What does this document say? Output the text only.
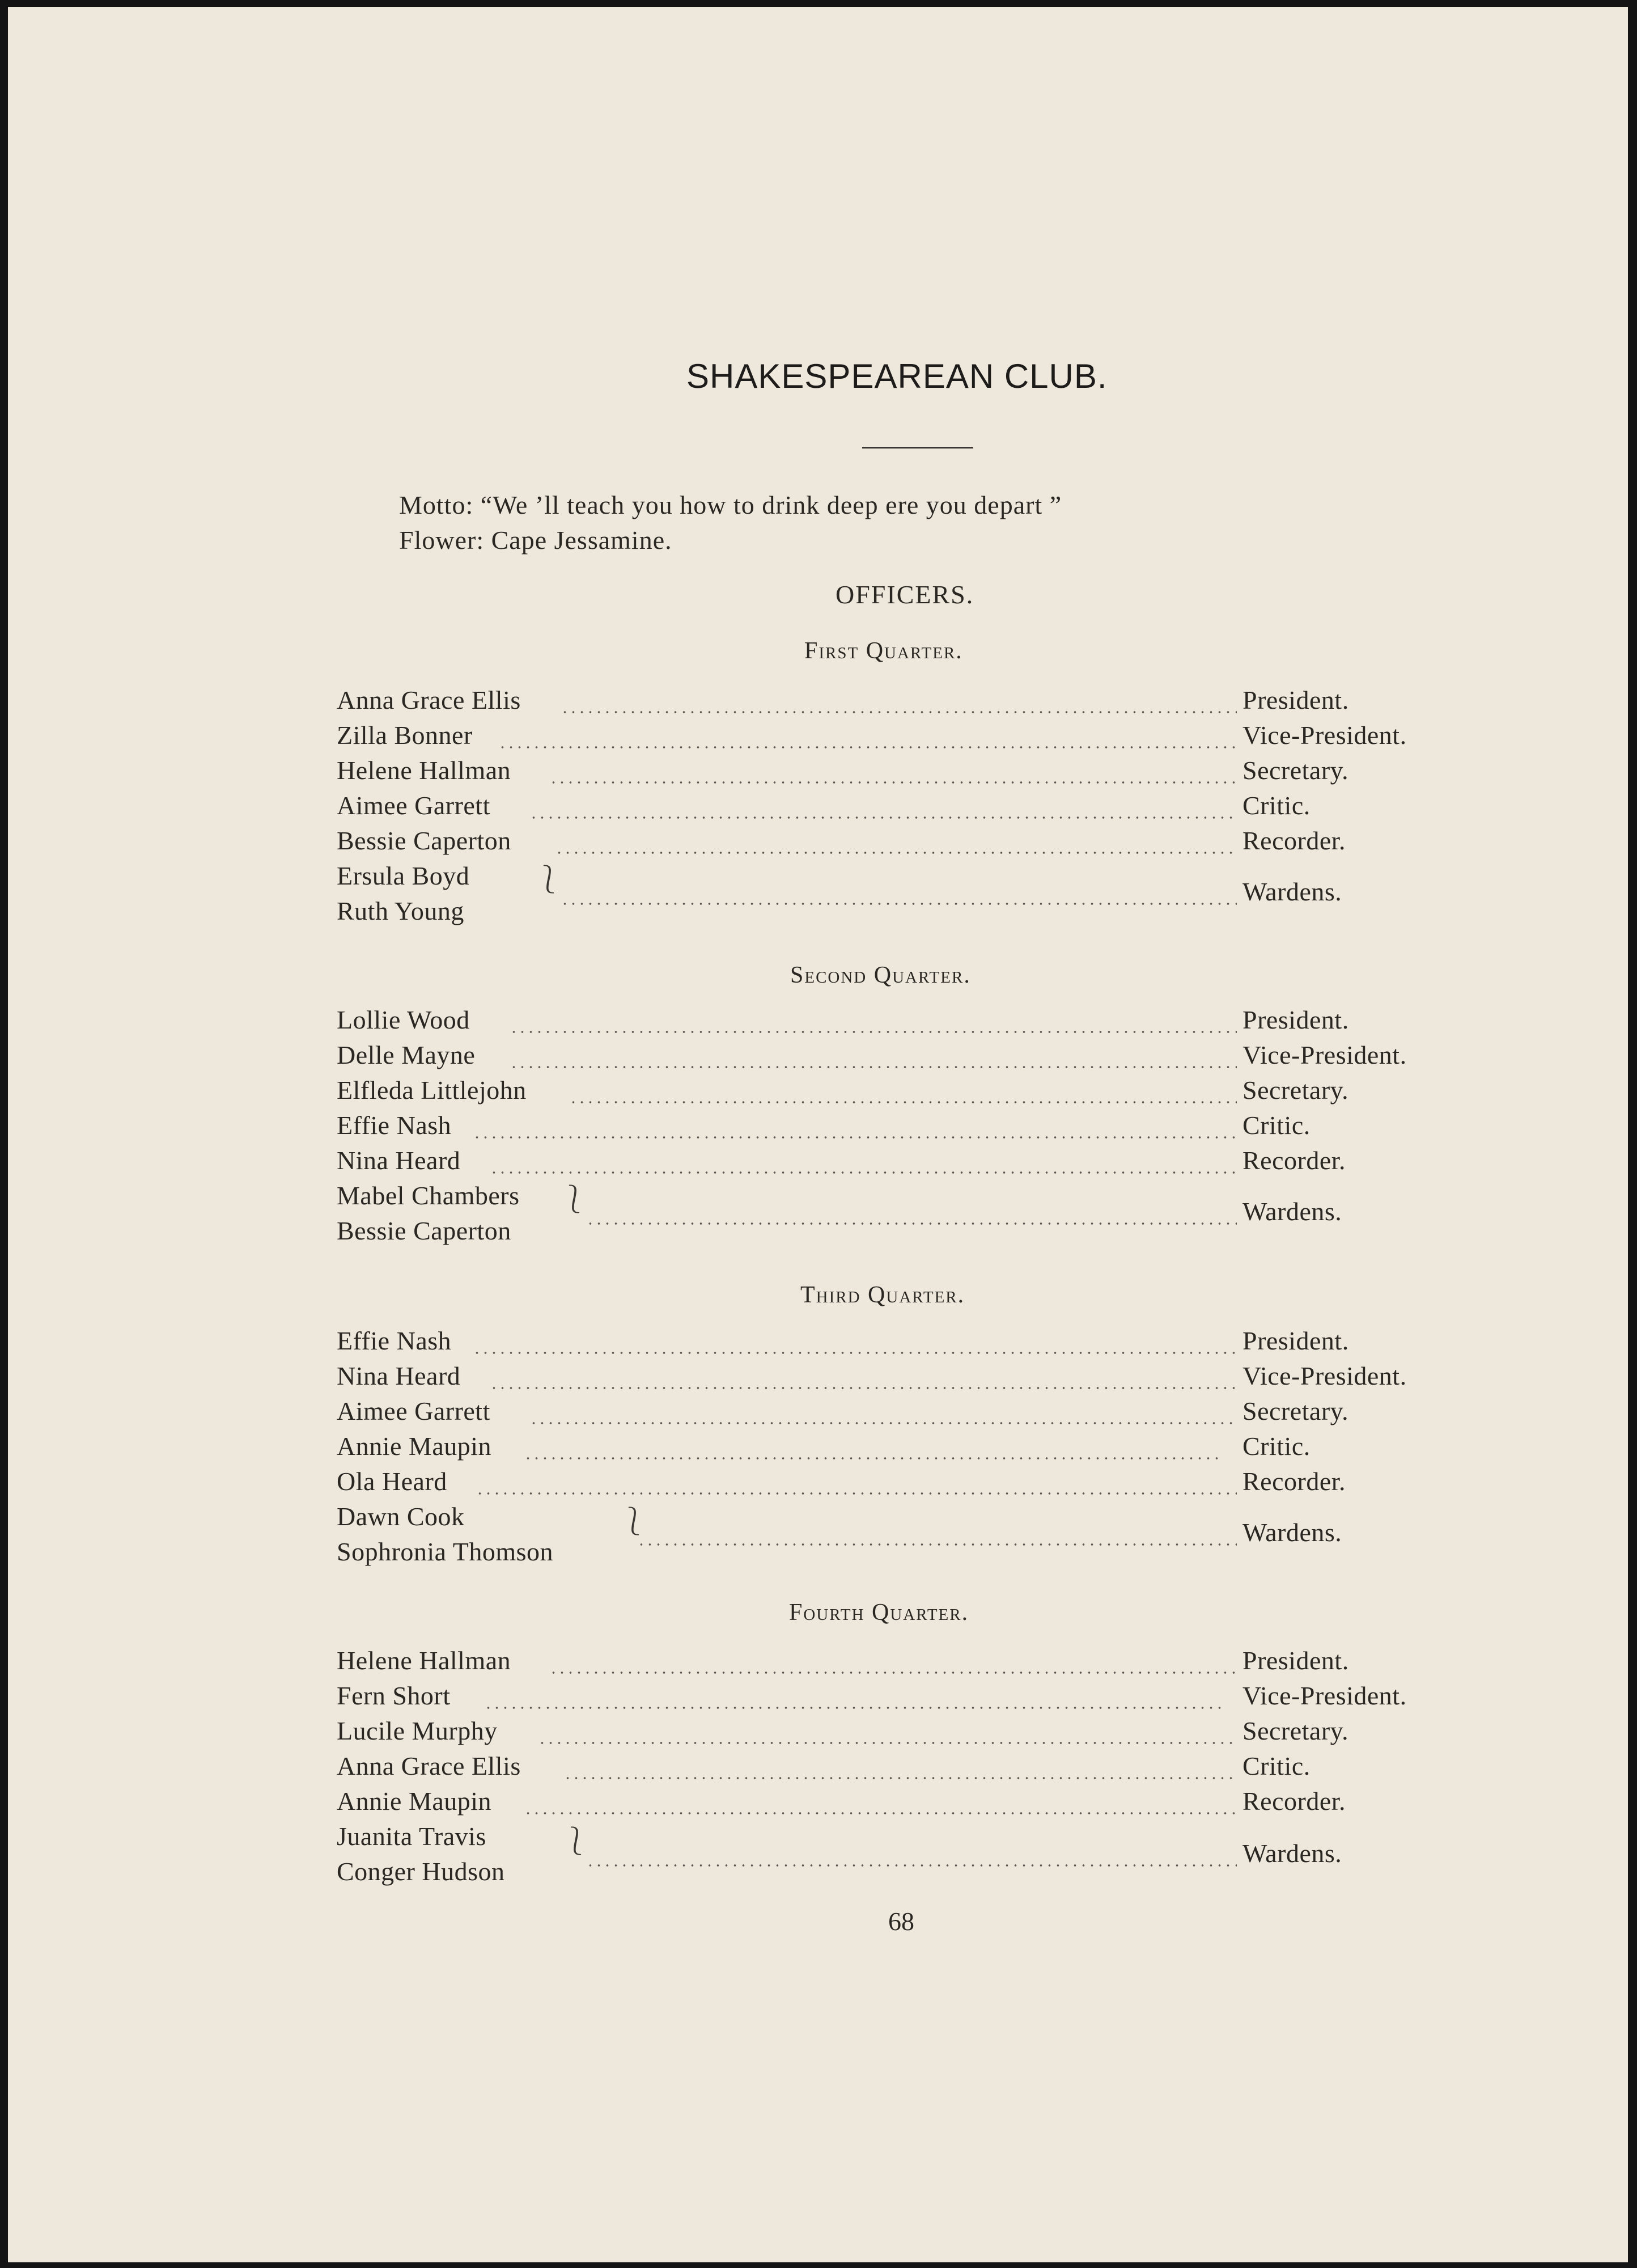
SHAKESPEAREAN CLUB.
Motto: “We ’ll teach you how to drink deep ere you depart ”
Flower: Cape Jessamine.
OFFICERS.
First Quarter.
Anna Grace Ellis	President.
Zilla Bonner	Vice-President.
Helene Hallman	Secretary.
Aimee Garrett	Critic.
Bessie Caperton	Recorder.
Ersula Boyd
Ruth Young
⎱	Wardens.
Second Quarter.
Lollie Wood	President.
Delle Mayne	Vice-President.
Elfleda Littlejohn	Secretary.
Effie Nash	Critic.
Nina Heard	Recorder.
Mabel Chambers
Bessie Caperton
⎱	Wardens.
Third Quarter.
Effie Nash	President.
Nina Heard	Vice-President.
Aimee Garrett	Secretary.
Annie Maupin	Critic.
Ola Heard	Recorder.
Dawn Cook
Sophronia Thomson
⎱	Wardens.
Fourth Quarter.
Helene Hallman	President.
Fern Short	Vice-President.
Lucile Murphy	Secretary.
Anna Grace Ellis	Critic.
Annie Maupin	Recorder.
Juanita Travis
Conger Hudson
⎱	Wardens.
68
